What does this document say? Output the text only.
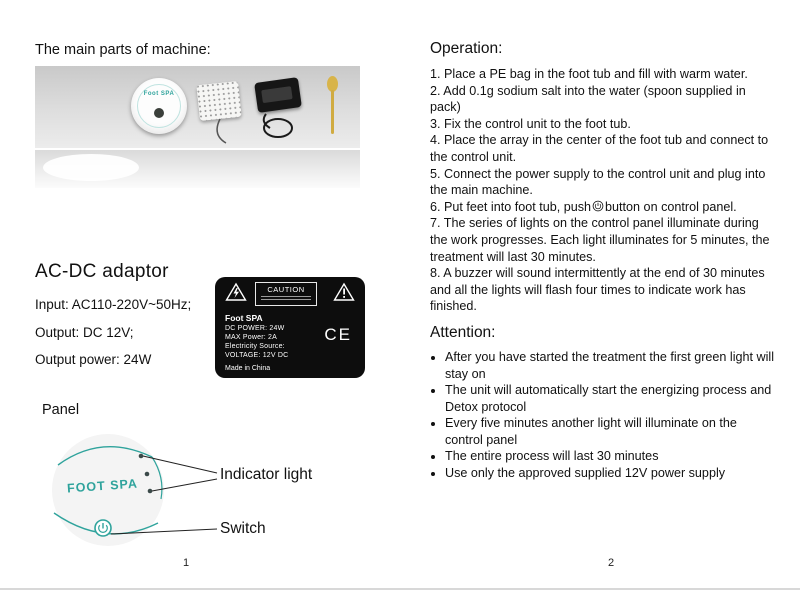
The main parts of machine:
Foot SPA
AC-DC adaptor

Input: AC110-220V~50Hz;

Output: DC 12V;

Output power: 24W

CAUTION
Foot SPA
DC POWER: 24W
MAX Power: 2A
Electricity Source:
VOLTAGE: 12V DC
CE
Made in China
Panel
FOOT SPA
Indicator light
Switch
Operation:

1. Place a PE bag in the foot tub and fill with warm water.

2. Add 0.1g sodium salt into the water (spoon supplied in pack)

3. Fix the control unit to the foot tub.

4. Place the array in the center of the foot tub and connect to the control unit.

5. Connect the power supply to the control unit and plug into the main machine.

6. Put feet into foot tub, push button on control panel.

7. The series of lights on the control panel illuminate during the work progresses. Each light illuminates for 5 minutes, the treatment will last 30 minutes.

8. A buzzer will sound intermittently at the end of 30 minutes and all the lights will flash four times to indicate work has finished.

Attention:
• After you have started the treatment the first green light will stay on
• The unit will automatically start the energizing process and Detox protocol
• Every five minutes another light will illuminate on the control panel
• The entire process will last 30 minutes
• Use only the approved supplied 12V power supply
1	2
